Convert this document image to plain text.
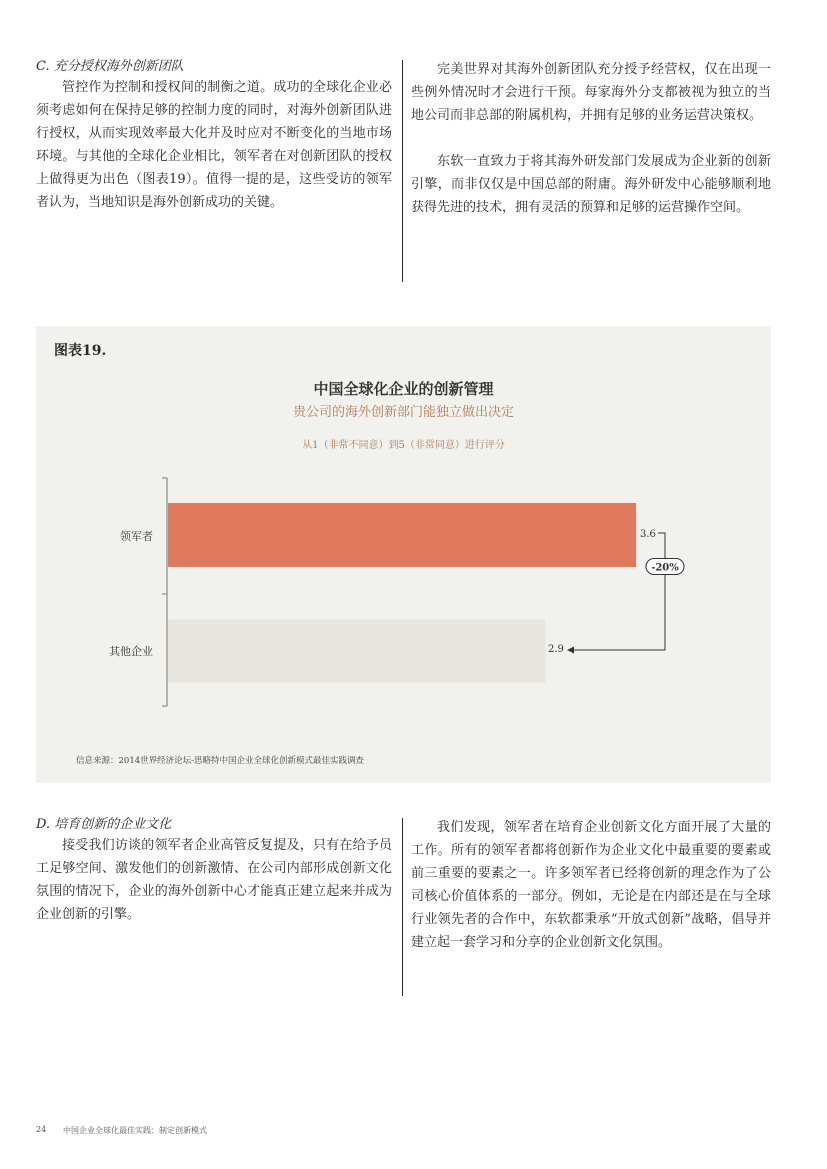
C. 充分授权海外创新团队

管控作为控制和授权间的制衡之道。成功的全球化企业必须考虑如何在保持足够的控制力度的同时，对海外创新团队进行授权，从而实现效率最大化并及时应对不断变化的当地市场环境。与其他的全球化企业相比，领军者在对创新团队的授权上做得更为出色（图表19）。值得一提的是，这些受访的领军者认为，当地知识是海外创新成功的关键。

完美世界对其海外创新团队充分授予经营权，仅在出现一些例外情况时才会进行干预。每家海外分支都被视为独立的当地公司而非总部的附属机构，并拥有足够的业务运营决策权。

东软一直致力于将其海外研发部门发展成为企业新的创新引擎，而非仅仅是中国总部的附庸。海外研发中心能够顺利地获得先进的技术，拥有灵活的预算和足够的运营操作空间。

图表19.
中国全球化企业的创新管理
贵公司的海外创新部门能独立做出决定
从1（非常不同意）到5（非常同意）进行评分
领军者
其他企业
3.6
2.9
-20%
信息来源：2014世界经济论坛-思略特中国企业全球化创新模式最佳实践调查

D. 培育创新的企业文化

接受我们访谈的领军者企业高管反复提及，只有在给予员工足够空间、激发他们的创新激情、在公司内部形成创新文化氛围的情况下，企业的海外创新中心才能真正建立起来并成为企业创新的引擎。

我们发现，领军者在培育企业创新文化方面开展了大量的工作。所有的领军者都将创新作为企业文化中最重要的要素或前三重要的要素之一。许多领军者已经将创新的理念作为了公司核心价值体系的一部分。例如，无论是在内部还是在与全球行业领先者的合作中，东软都秉承“开放式创新”战略，倡导并建立起一套学习和分享的企业创新文化氛围。

24 中国企业全球化最佳实践：制定创新模式
